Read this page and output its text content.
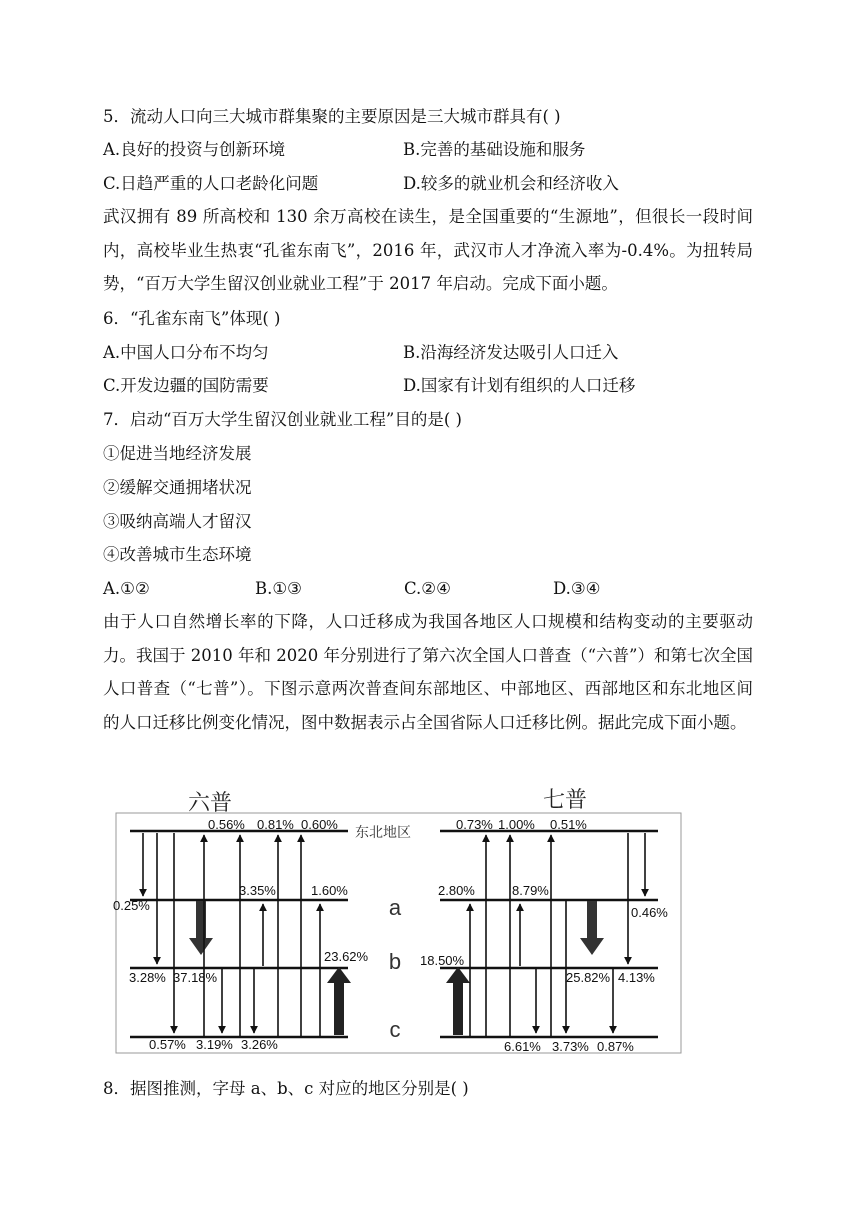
5．流动人口向三大城市群集聚的主要原因是三大城市群具有( )
A.良好的投资与创新环境	B.完善的基础设施和服务
C.日趋严重的人口老龄化问题	D.较多的就业机会和经济收入
武汉拥有 89 所高校和 130 余万高校在读生，是全国重要的“生源地”，但很长一段时间内，高校毕业生热衷“孔雀东南飞”，2016 年，武汉市人才净流入率为-0.4%。为扭转局势，“百万大学生留汉创业就业工程”于 2017 年启动。完成下面小题。
6．“孔雀东南飞”体现( )
A.中国人口分布不均匀	B.沿海经济发达吸引人口迁入
C.开发边疆的国防需要	D.国家有计划有组织的人口迁移
7．启动“百万大学生留汉创业就业工程”目的是( )
①促进当地经济发展
②缓解交通拥堵状况
③吸纳高端人才留汉
④改善城市生态环境
A.①②	B.①③	C.②④	D.③④
由于人口自然增长率的下降，人口迁移成为我国各地区人口规模和结构变动的主要驱动力。我国于 2010 年和 2020 年分别进行了第六次全国人口普查（“六普”）和第七次全国人口普查（“七普”）。下图示意两次普查间东部地区、中部地区、西部地区和东北地区间的人口迁移比例变化情况，图中数据表示占全国省际人口迁移比例。据此完成下面小题。
六普	七普
东北地区
a
b
c
0.56% 0.81% 0.60%
0.25%
3.35%	1.60%
23.62%
3.28% 37.18%
0.57% 3.19% 3.26%
0.73% 1.00% 0.51%
2.80%	8.79%
0.46%
18.50%
25.82% 4.13%
6.61% 3.73% 0.87%
8．据图推测，字母 a、b、c 对应的地区分别是( )
